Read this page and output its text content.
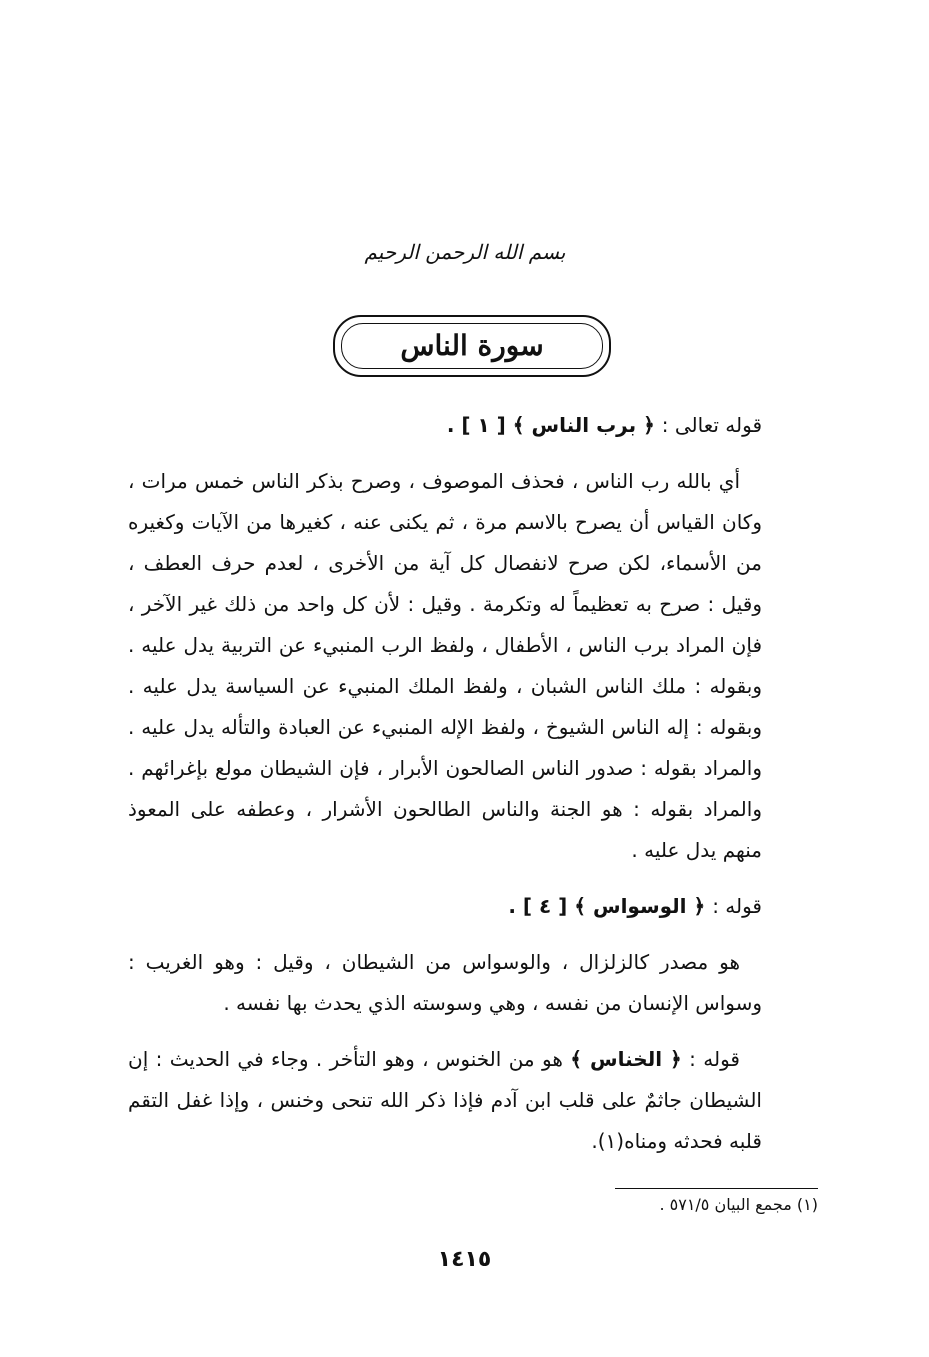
بسم الله الرحمن الرحيم
سورة الناس

قوله تعالى : ﴿ برب الناس ﴾ [ ١ ] .

أي بالله رب الناس ، فحذف الموصوف ، وصرح بذكر الناس خمس مرات ، وكان القياس أن يصرح بالاسم مرة ، ثم يكنى عنه ، كغيرها من الآيات وكغيره من الأسماء، لكن صرح لانفصال كل آية من الأخرى ، لعدم حرف العطف ، وقيل : صرح به تعظيماً له وتكرمة . وقيل : لأن كل واحد من ذلك غير الآخر ، فإن المراد برب الناس ، الأطفال ، ولفظ الرب المنبيء عن التربية يدل عليه . وبقوله : ملك الناس الشبان ، ولفظ الملك المنبيء عن السياسة يدل عليه . وبقوله : إله الناس الشيوخ ، ولفظ الإله المنبيء عن العبادة والتأله يدل عليه . والمراد بقوله : صدور الناس الصالحون الأبرار ، فإن الشيطان مولع بإغرائهم . والمراد بقوله : هو الجنة والناس الطالحون الأشرار ، وعطفه على المعوذ منهم يدل عليه .

قوله : ﴿ الوسواس ﴾ [ ٤ ] .

هو مصدر كالزلزال ، والوسواس من الشيطان ، وقيل : وهو الغريب : وسواس الإنسان من نفسه ، وهي وسوسته الذي يحدث بها نفسه .

قوله : ﴿ الخناس ﴾ هو من الخنوس ، وهو التأخر . وجاء في الحديث : إن الشيطان جاثمٌ على قلب ابن آدم فإذا ذكر الله تنحى وخنس ، وإذا غفل التقم قلبه فحدثه ومناه(١).

(١) مجمع البيان ٥٧١/٥ .
١٤١٥
